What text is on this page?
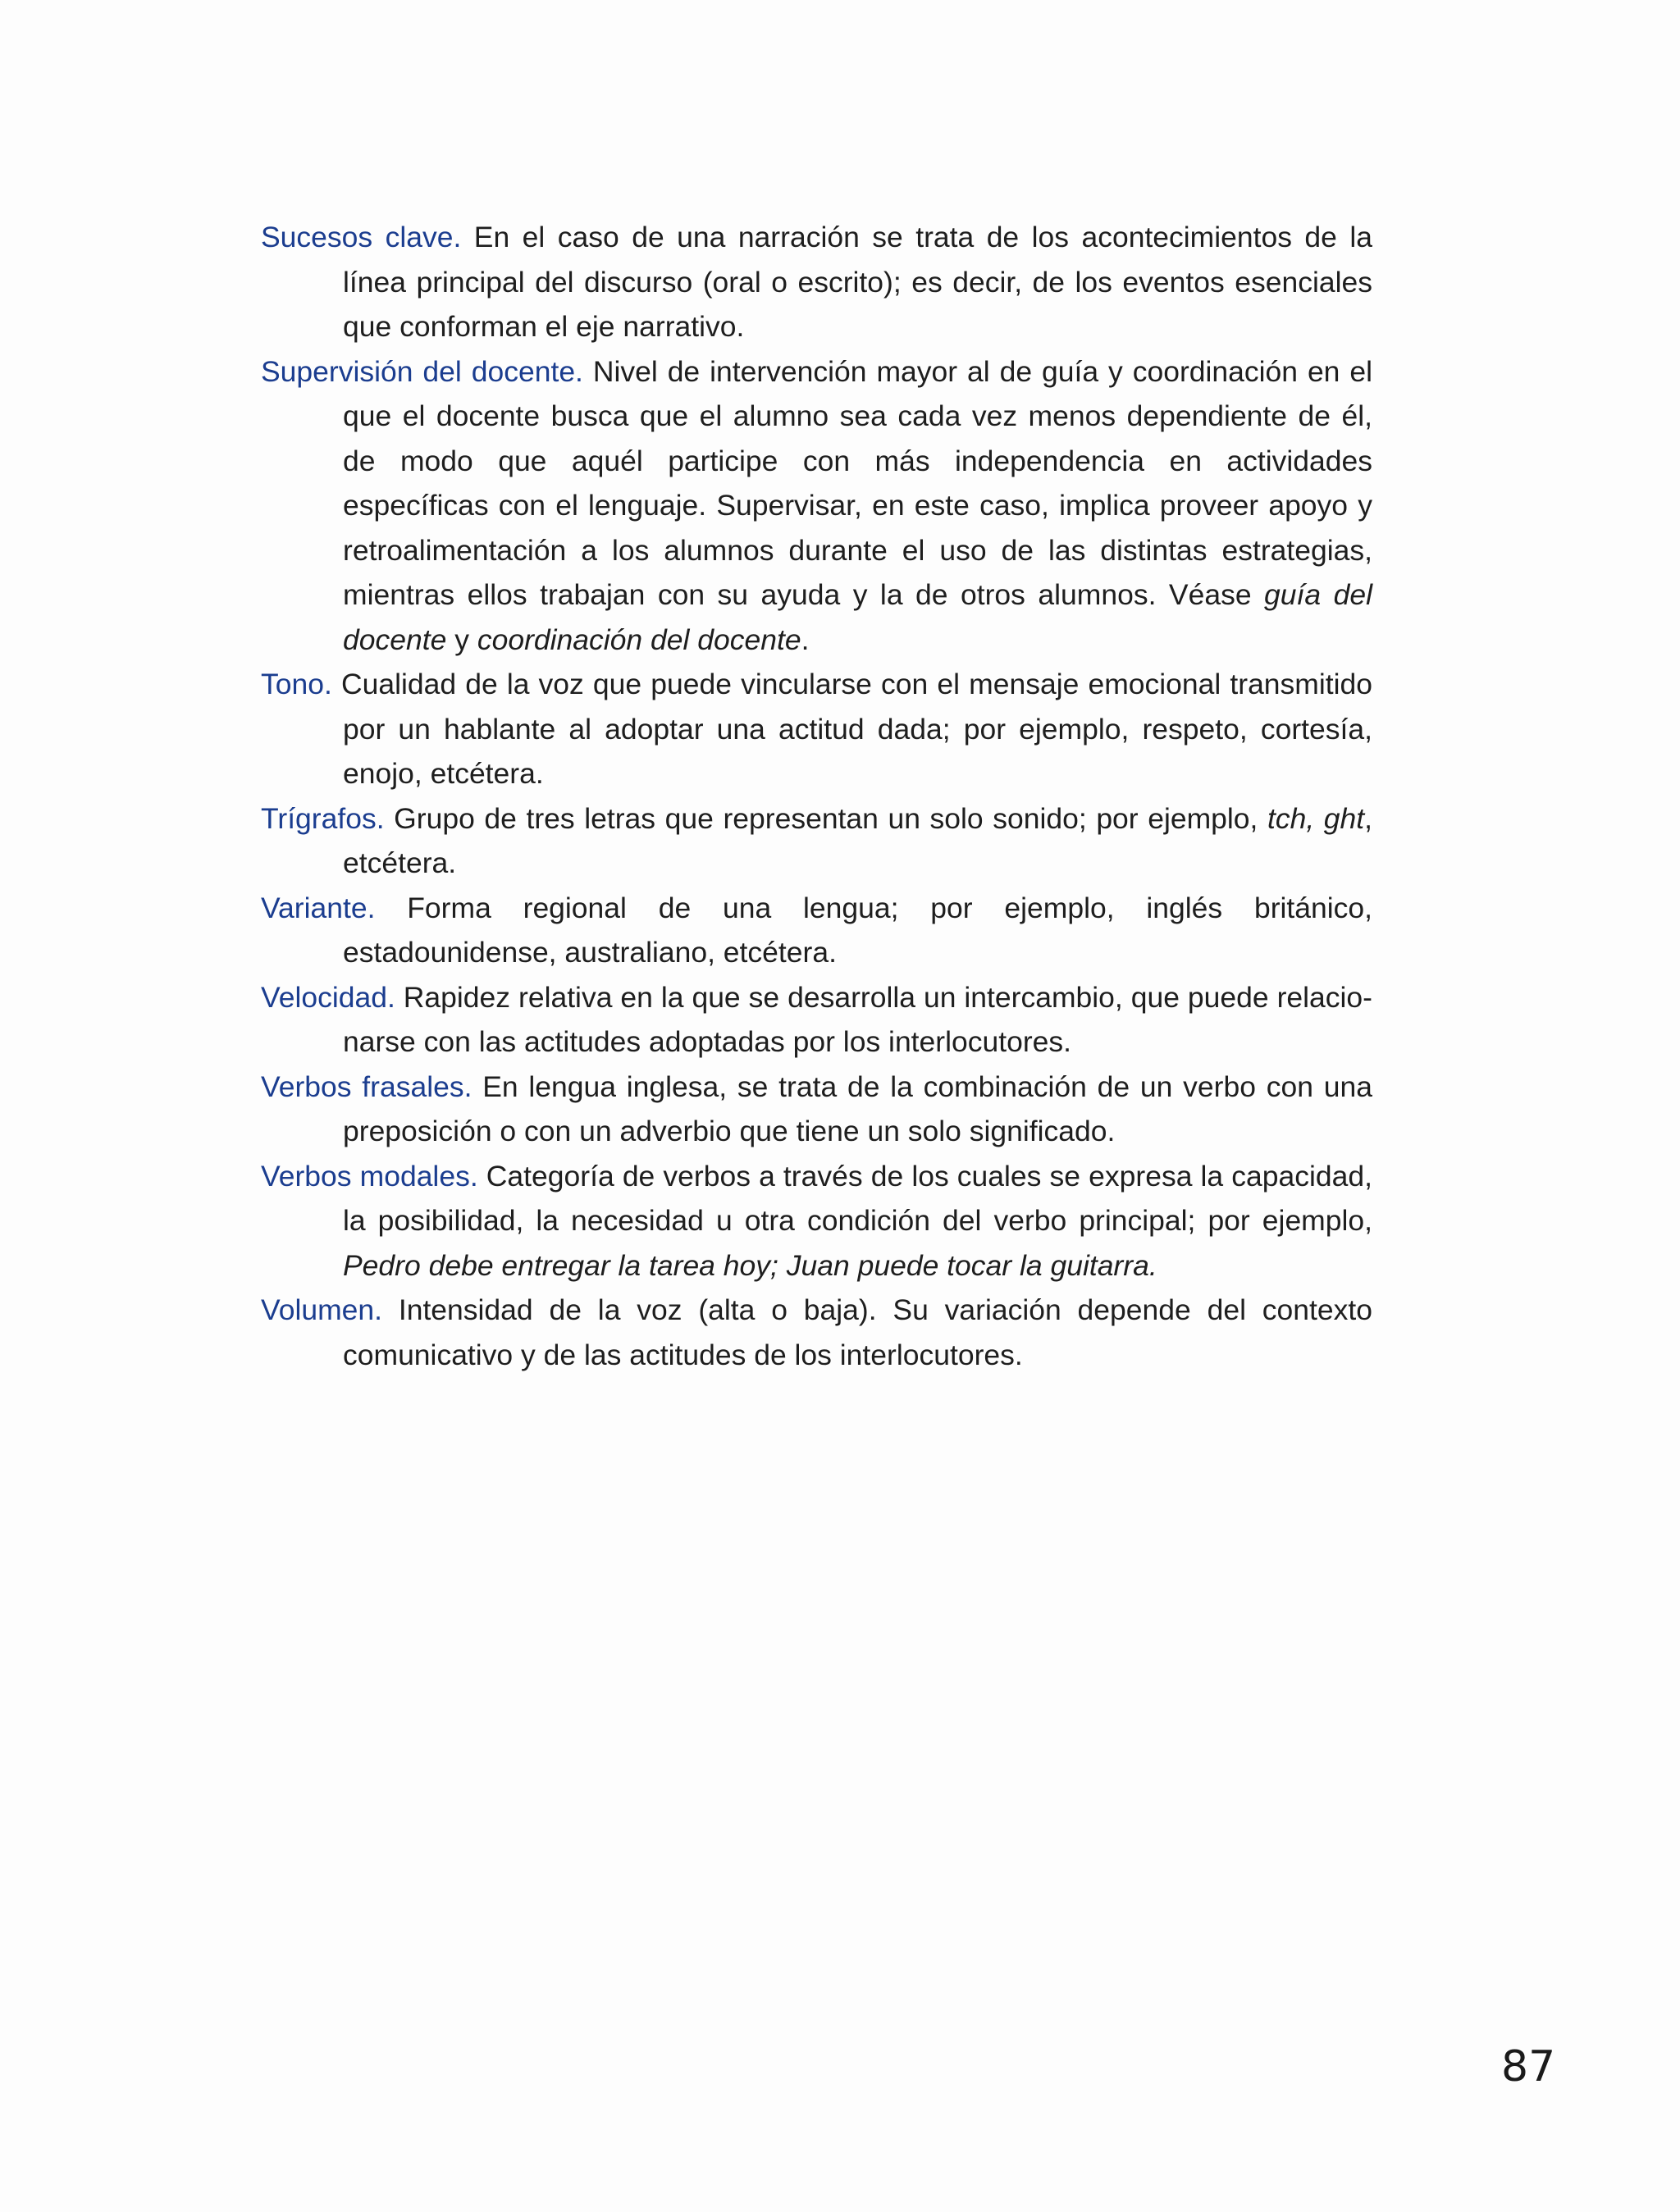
Sucesos clave. En el caso de una narración se trata de los acontecimientos de la línea principal del discurso (oral o escrito); es decir, de los eventos esenciales que conforman el eje narrativo.

Supervisión del docente. Nivel de intervención mayor al de guía y coordinación en el que el docente busca que el alumno sea cada vez menos dependiente de él, de modo que aquél participe con más independencia en actividades específicas con el lenguaje. Supervisar, en este caso, implica proveer apoyo y retroalimentación a los alumnos durante el uso de las distintas estrategias, mientras ellos trabajan con su ayuda y la de otros alumnos. Véase guía del docente y coordinación del docente.

Tono. Cualidad de la voz que puede vincularse con el mensaje emocional transmitido por un hablante al adoptar una actitud dada; por ejemplo, respeto, cortesía, enojo, etcétera.

Trígrafos. Grupo de tres letras que representan un solo sonido; por ejemplo, tch, ght, etcétera.

Variante. Forma regional de una lengua; por ejemplo, inglés británico, estadounidense, australiano, etcétera.

Velocidad. Rapidez relativa en la que se desarrolla un intercambio, que puede relacionarse con las actitudes adoptadas por los interlocutores.

Verbos frasales. En lengua inglesa, se trata de la combinación de un verbo con una preposición o con un adverbio que tiene un solo significado.

Verbos modales. Categoría de verbos a través de los cuales se expresa la capacidad, la posibilidad, la necesidad u otra condición del verbo principal; por ejemplo, Pedro debe entregar la tarea hoy; Juan puede tocar la guitarra.

Volumen. Intensidad de la voz (alta o baja). Su variación depende del contexto comunicativo y de las actitudes de los interlocutores.

87
